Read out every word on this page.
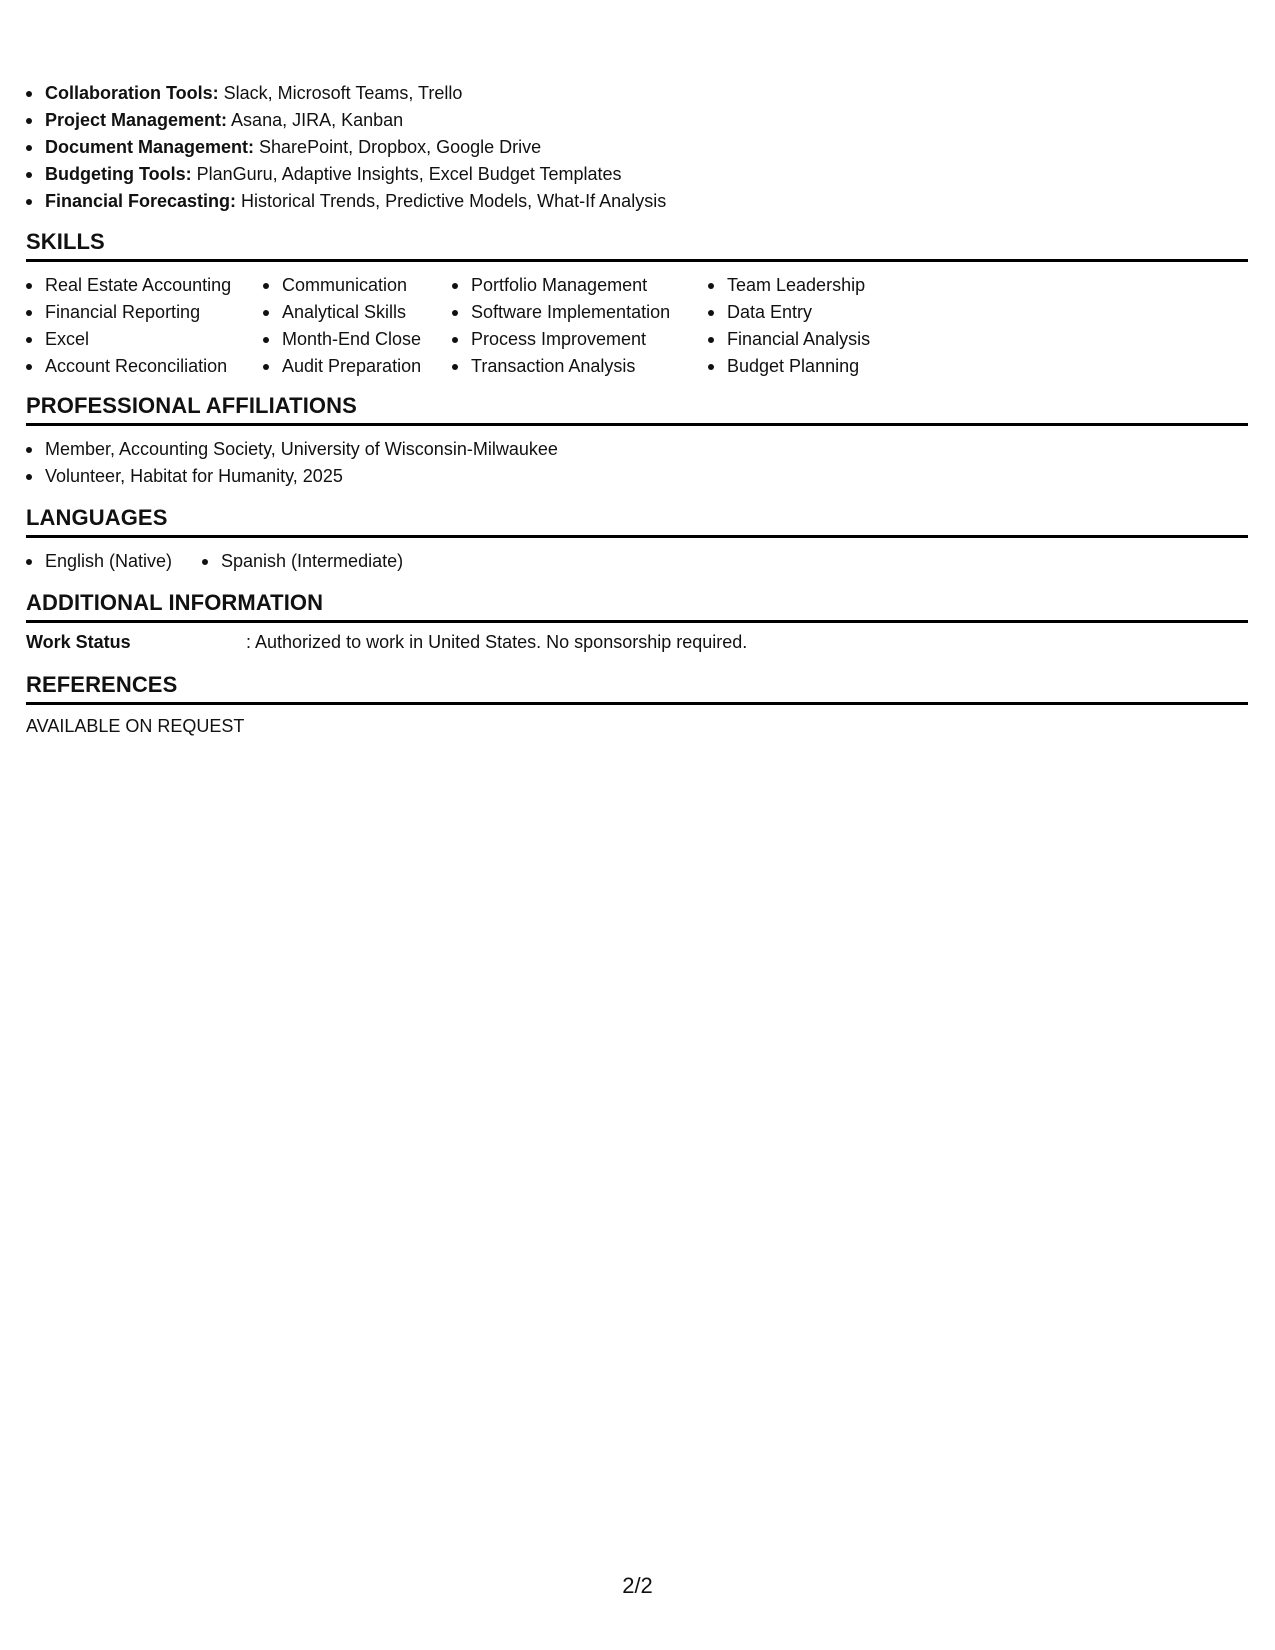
Collaboration Tools: Slack, Microsoft Teams, Trello
Project Management: Asana, JIRA, Kanban
Document Management: SharePoint, Dropbox, Google Drive
Budgeting Tools: PlanGuru, Adaptive Insights, Excel Budget Templates
Financial Forecasting: Historical Trends, Predictive Models, What-If Analysis
SKILLS
Real Estate Accounting
Financial Reporting
Excel
Account Reconciliation
Communication
Analytical Skills
Month-End Close
Audit Preparation
Portfolio Management
Software Implementation
Process Improvement
Transaction Analysis
Team Leadership
Data Entry
Financial Analysis
Budget Planning
PROFESSIONAL AFFILIATIONS
Member, Accounting Society, University of Wisconsin-Milwaukee
Volunteer, Habitat for Humanity, 2025
LANGUAGES
English (Native)	Spanish (Intermediate)
ADDITIONAL INFORMATION
Work Status	: Authorized to work in United States. No sponsorship required.
REFERENCES
AVAILABLE ON REQUEST
2/2
